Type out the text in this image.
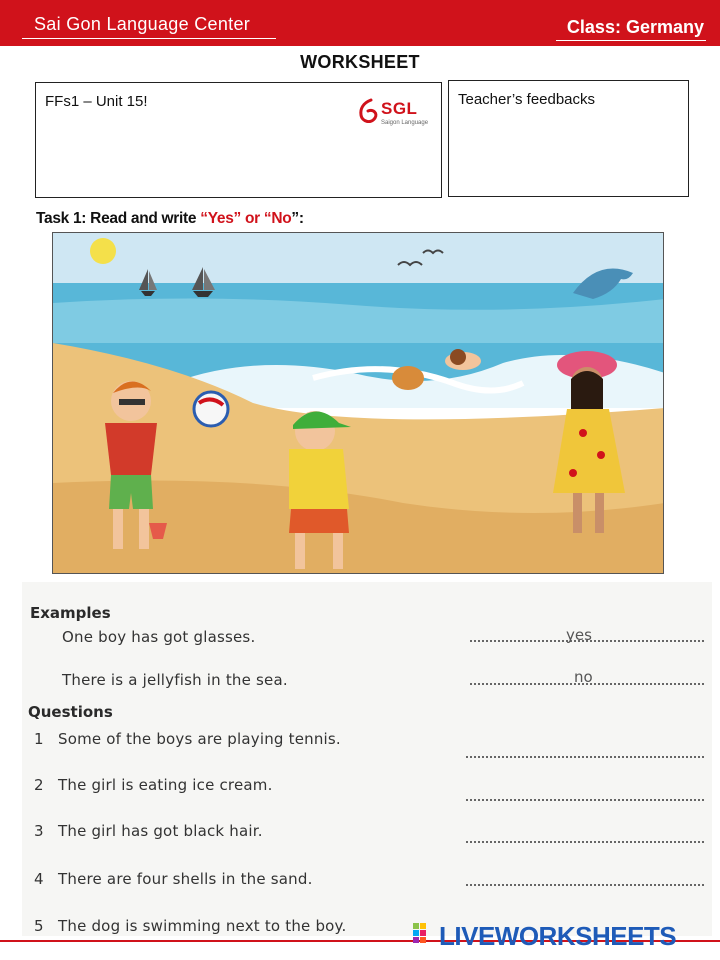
Sai Gon Language Center	Class: Germany
WORKSHEET
FFs1 – Unit 15!	SGL
Saigon Language
Teacher’s feedbacks
Task 1: Read and write “Yes” or “No”:
Examples
One boy has got glasses.	yes
There is a jellyfish in the sea.	no
Questions
1 Some of the boys are playing tennis.
2 The girl is eating ice cream.
3 The girl has got black hair.
4 There are four shells in the sand.
5 The dog is swimming next to the boy.	LIVEWORKSHEETS
